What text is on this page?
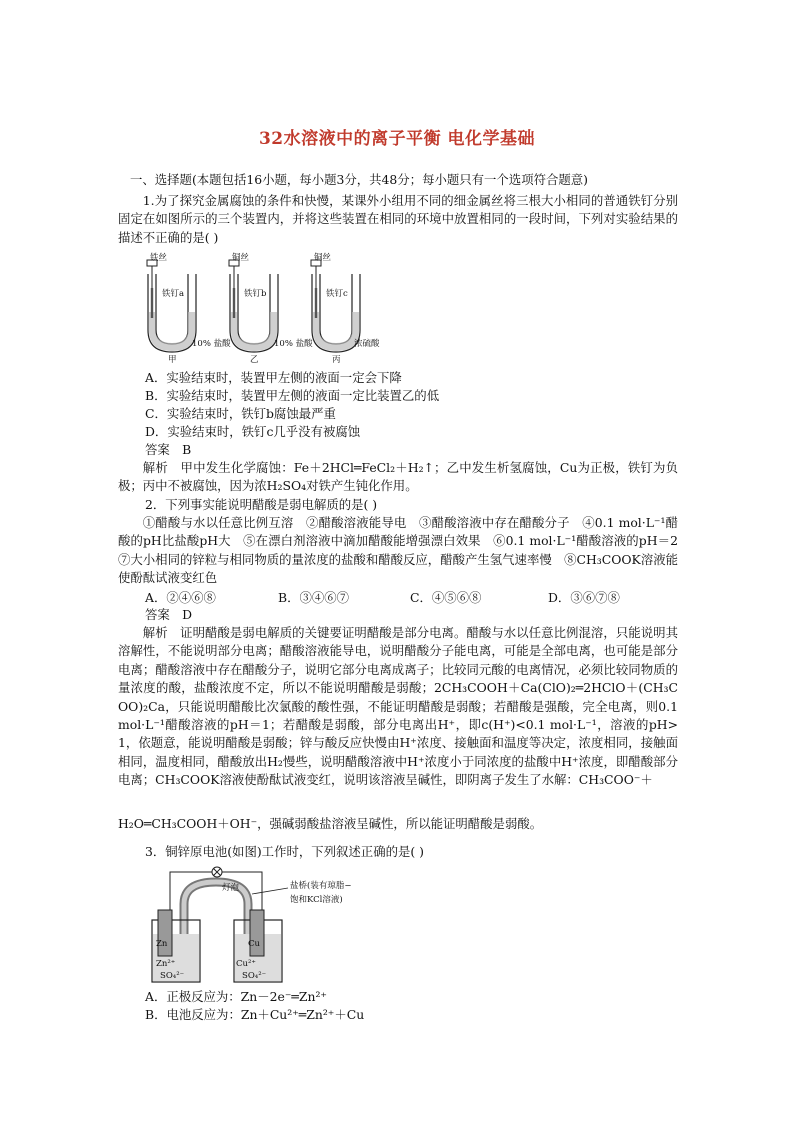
32水溶液中的离子平衡 电化学基础
一、选择题(本题包括16小题，每小题3分，共48分；每小题只有一个选项符合题意)
1.为了探究金属腐蚀的条件和快慢，某课外小组用不同的细金属丝将三根大小相同的普通铁钉分别固定在如图所示的三个装置内，并将这些装置在相同的环境中放置相同的一段时间，下列对实验结果的描述不正确的是( )
铁丝	铜丝	铜丝
铁钉a	铁钉b	铁钉c
10% 盐酸	10% 盐酸	浓硫酸
甲	乙	丙
A．实验结束时，装置甲左侧的液面一定会下降
B．实验结束时，装置甲左侧的液面一定比装置乙的低
C．实验结束时，铁钉b腐蚀最严重
D．实验结束时，铁钉c几乎没有被腐蚀
答案　B
解析　甲中发生化学腐蚀：Fe＋2HCl═FeCl₂＋H₂↑；乙中发生析氢腐蚀，Cu为正极，铁钉为负极；丙中不被腐蚀，因为浓H₂SO₄对铁产生钝化作用。
2．下列事实能说明醋酸是弱电解质的是( )
①醋酸与水以任意比例互溶　②醋酸溶液能导电　③醋酸溶液中存在醋酸分子　④0.1 mol·L⁻¹醋酸的pH比盐酸pH大　⑤在漂白剂溶液中滴加醋酸能增强漂白效果　⑥0.1 mol·L⁻¹醋酸溶液的pH＝2　⑦大小相同的锌粒与相同物质的量浓度的盐酸和醋酸反应，醋酸产生氢气速率慢　⑧CH₃COOK溶液能使酚酞试液变红色
A．②④⑥⑧	B．③④⑥⑦	C．④⑤⑥⑧	D．③⑥⑦⑧
答案　D
解析　证明醋酸是弱电解质的关键要证明醋酸是部分电离。醋酸与水以任意比例混溶，只能说明其溶解性，不能说明部分电离；醋酸溶液能导电，说明醋酸分子能电离，可能是全部电离，也可能是部分电离；醋酸溶液中存在醋酸分子，说明它部分电离成离子；比较同元酸的电离情况，必须比较同物质的量浓度的酸，盐酸浓度不定，所以不能说明醋酸是弱酸；2CH₃COOH＋Ca(ClO)₂═2HClO＋(CH₃COO)₂Ca，只能说明醋酸比次氯酸的酸性强，不能证明醋酸是弱酸；若醋酸是强酸，完全电离，则0.1 mol·L⁻¹醋酸溶液的pH＝1；若醋酸是弱酸，部分电离出H⁺，即c(H⁺)<0.1 mol·L⁻¹，溶液的pH>1，依题意，能说明醋酸是弱酸；锌与酸反应快慢由H⁺浓度、接触面和温度等决定，浓度相同，接触面相同，温度相同，醋酸放出H₂慢些，说明醋酸溶液中H⁺浓度小于同浓度的盐酸中H⁺浓度，即醋酸部分电离；CH₃COOK溶液使酚酞试液变红，说明该溶液呈碱性，即阴离子发生了水解：CH₃COO⁻＋
H₂O═CH₃COOH＋OH⁻，强碱弱酸盐溶液呈碱性，所以能证明醋酸是弱酸。
3．铜锌原电池(如图)工作时，下列叙述正确的是( )
灯泡	盐桥(装有琼脂−
饱和KCl溶液)
Zn	Cu
Zn²⁺
SO₄²⁻
Cu²⁺
SO₄²⁻
A．正极反应为：Zn－2e⁻═Zn²⁺
B．电池反应为：Zn＋Cu²⁺═Zn²⁺＋Cu
